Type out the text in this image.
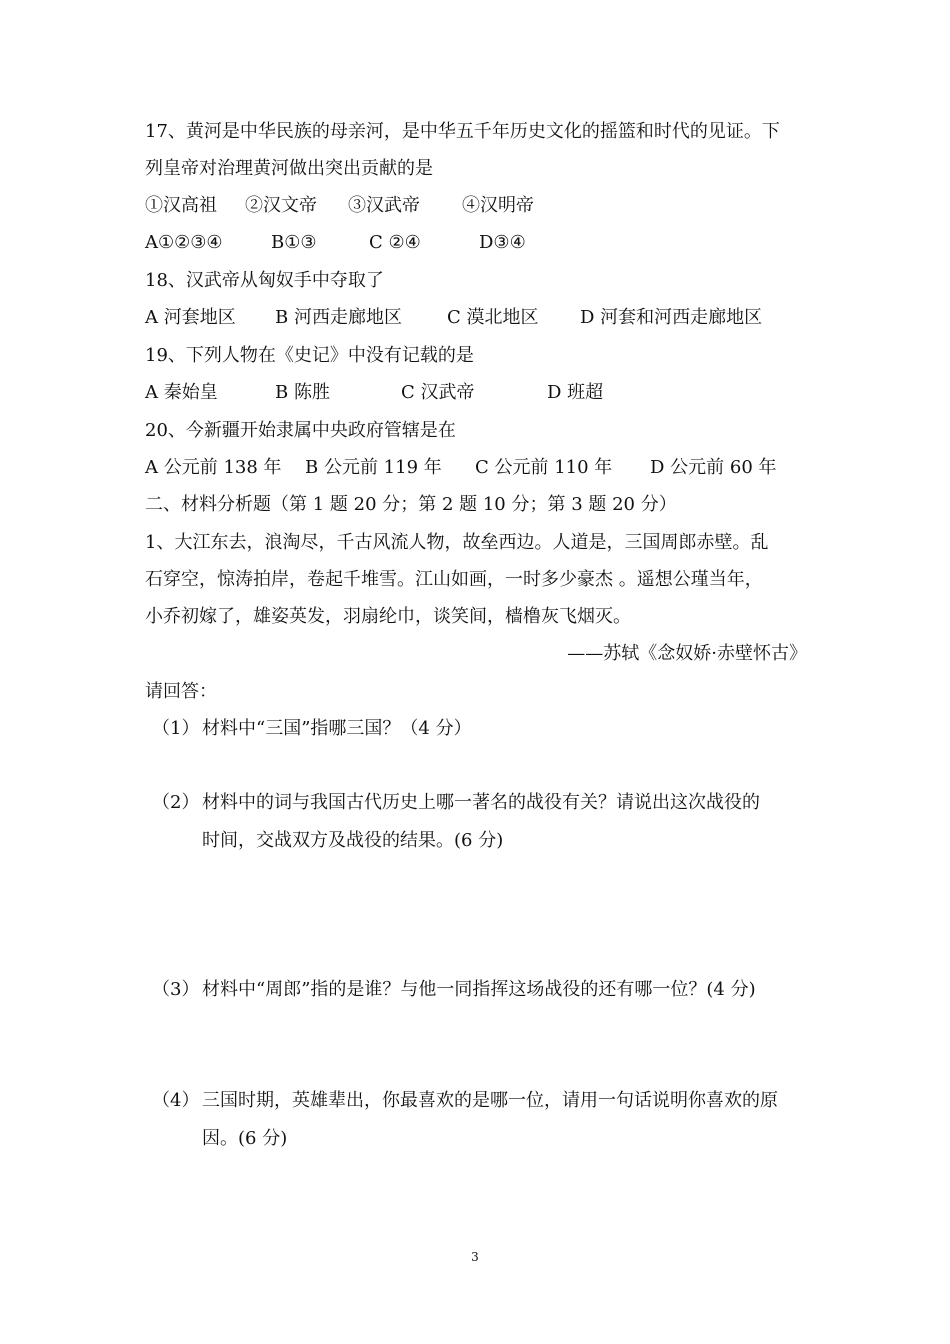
17、黄河是中华民族的母亲河，是中华五千年历史文化的摇篮和时代的见证。下
列皇帝对治理黄河做出突出贡献的是
①汉高祖 ②汉文帝 ③汉武帝 ④汉明帝
A①②③④	B①③	C ②④	D③④
18、汉武帝从匈奴手中夺取了
A 河套地区 B 河西走廊地区	C 漠北地区 D 河套和河西走廊地区
19、下列人物在《史记》中没有记载的是
A 秦始皇	B 陈胜	C 汉武帝	D 班超
20、今新疆开始隶属中央政府管辖是在
A 公元前 138 年 B 公元前 119 年 C 公元前 110 年 D 公元前 60 年
二、材料分析题（第 1 题 20 分；第 2 题 10 分；第 3 题 20 分）
1、大江东去，浪淘尽，千古风流人物，故垒西边。人道是，三国周郎赤壁。乱
石穿空，惊涛拍岸，卷起千堆雪。江山如画，一时多少豪杰 。遥想公瑾当年，
小乔初嫁了，雄姿英发，羽扇纶巾，谈笑间，樯橹灰飞烟灭。
——苏轼《念奴娇·赤壁怀古》
请回答：
（1） 材料中“三国”指哪三国？（4 分）
（2） 材料中的词与我国古代历史上哪一著名的战役有关？请说出这次战役的
时间，交战双方及战役的结果。(6 分)
（3） 材料中“周郎”指的是谁？与他一同指挥这场战役的还有哪一位？(4 分)
（4） 三国时期，英雄辈出，你最喜欢的是哪一位，请用一句话说明你喜欢的原
因。(6 分)
3
